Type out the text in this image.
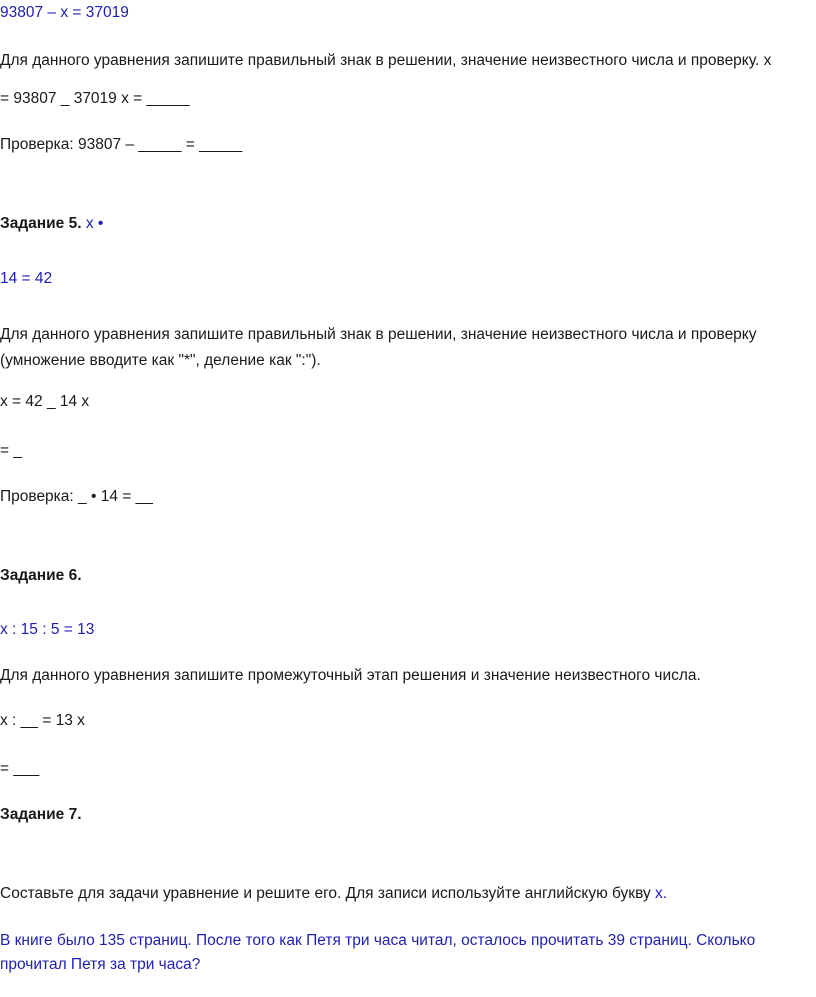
93807 – x = 37019
Для данного уравнения запишите правильный знак в решении, значение неизвестного числа и проверку. x
= 93807 _ 37019 x = _____
Проверка: 93807 – _____ = _____
Задание 5. x •
14 = 42
Для данного уравнения запишите правильный знак в решении, значение неизвестного числа и проверку
(умножение вводите как "*", деление как ":").
x = 42 _ 14 x
= _
Проверка: _ • 14 = __
Задание 6.
x : 15 : 5 = 13
Для данного уравнения запишите промежуточный этап решения и значение неизвестного числа.
x : __ = 13 x
= ___
Задание 7.
Составьте для задачи уравнение и решите его. Для записи используйте английскую букву x.
В книге было 135 страниц. После того как Петя три часа читал, осталось прочитать 39 страниц. Сколько
прочитал Петя за три часа?
